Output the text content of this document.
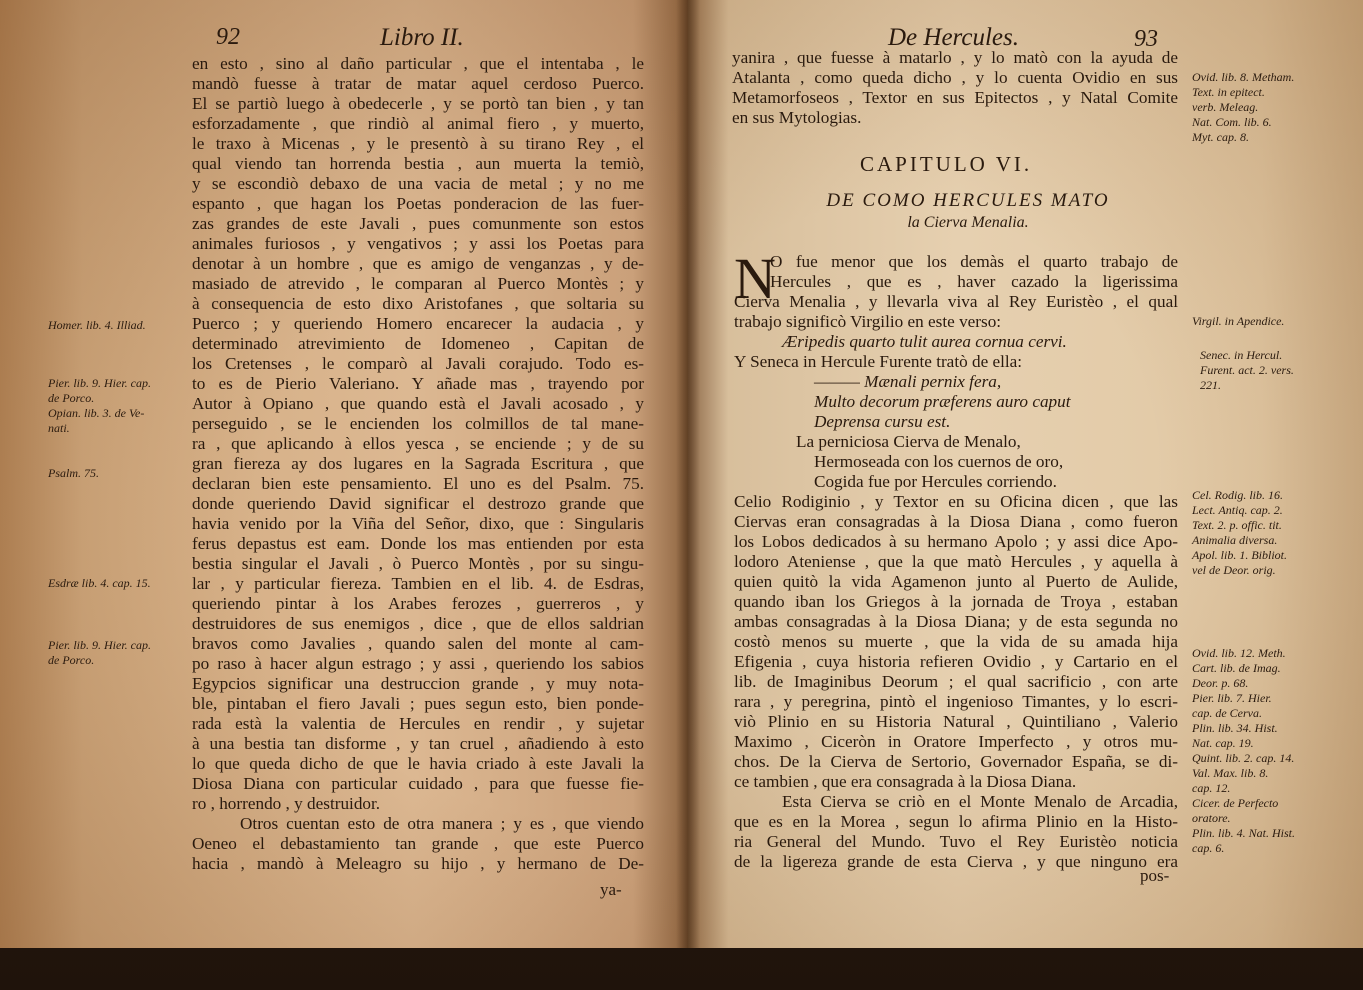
92	Libro II.
en esto , sino al daño particular , que el intentaba , le
mandò fuesse à tratar de matar aquel cerdoso Puerco.
El se partiò luego à obedecerle , y se portò tan bien , y tan
esforzadamente , que rindiò al animal fiero , y muerto,
le traxo à Micenas , y le presentò à su tirano Rey , el
qual viendo tan horrenda bestia , aun muerta la temiò,
y se escondiò debaxo de una vacia de metal ; y no me
espanto , que hagan los Poetas ponderacion de las fuer-
zas grandes de este Javali , pues comunmente son estos
animales furiosos , y vengativos ; y assi los Poetas para
denotar à un hombre , que es amigo de venganzas , y de-
masiado de atrevido , le comparan al Puerco Montès ; y
à consequencia de esto dixo Aristofanes , que soltaria su
Puerco ; y queriendo Homero encarecer la audacia , y
determinado atrevimiento de Idomeneo , Capitan de
los Cretenses , le comparò al Javali corajudo. Todo es-
to es de Pierio Valeriano. Y añade mas , trayendo por
Autor à Opiano , que quando està el Javali acosado , y
perseguido , se le encienden los colmillos de tal mane-
ra , que aplicando à ellos yesca , se enciende ; y de su
gran fiereza ay dos lugares en la Sagrada Escritura , que
declaran bien este pensamiento. El uno es del Psalm. 75.
donde queriendo David significar el destrozo grande que
havia venido por la Viña del Señor, dixo, que : Singularis
ferus depastus est eam. Donde los mas entienden por esta
bestia singular el Javali , ò Puerco Montès , por su singu-
lar , y particular fiereza. Tambien en el lib. 4. de Esdras,
queriendo pintar à los Arabes ferozes , guerreros , y
destruidores de sus enemigos , dice , que de ellos saldrian
bravos como Javalies , quando salen del monte al cam-
po raso à hacer algun estrago ; y assi , queriendo los sabios
Egypcios significar una destruccion grande , y muy nota-
ble, pintaban el fiero Javali ; pues segun esto, bien ponde-
rada està la valentia de Hercules en rendir , y sujetar
à una bestia tan disforme , y tan cruel , añadiendo à esto
lo que queda dicho de que le havia criado à este Javali la
Diosa Diana con particular cuidado , para que fuesse fie-
ro , horrendo , y destruidor.
Otros cuentan esto de otra manera ; y es , que viendo
Oeneo el debastamiento tan grande , que este Puerco
hacia , mandò à Meleagro su hijo , y hermano de De-
Homer. lib. 4. Illiad.
Pier. lib. 9. Hier. cap.
de Porco.
Opian. lib. 3. de Ve-
nati.
Psalm. 75.
Esdræ lib. 4. cap. 15.
Pier. lib. 9. Hier. cap.
de Porco.
ya-
De Hercules.	93
yanira , que fuesse à matarlo , y lo matò con la ayuda de
Atalanta , como queda dicho , y lo cuenta Ovidio en sus
Metamorfoseos , Textor en sus Epitectos , y Natal Comite
en sus Mytologias.
CAPITULO VI.
DE COMO HERCULES MATO
la Cierva Menalia.
N
O fue menor que los demàs el quarto trabajo de
Hercules , que es , haver cazado la ligerissima
Cierva Menalia , y llevarla viva al Rey Euristèo , el qual
trabajo significò Virgilio en este verso:
Æripedis quarto tulit aurea cornua cervi.
Y Seneca in Hercule Furente tratò de ella:
——— Mænali pernix fera,
Multo decorum præferens auro caput
Deprensa cursu est.
La perniciosa Cierva de Menalo,
Hermoseada con los cuernos de oro,
Cogida fue por Hercules corriendo.
Celio Rodiginio , y Textor en su Oficina dicen , que las
Ciervas eran consagradas à la Diosa Diana , como fueron
los Lobos dedicados à su hermano Apolo ; y assi dice Apo-
lodoro Ateniense , que la que matò Hercules , y aquella à
quien quitò la vida Agamenon junto al Puerto de Aulide,
quando iban los Griegos à la jornada de Troya , estaban
ambas consagradas à la Diosa Diana; y de esta segunda no
costò menos su muerte , que la vida de su amada hija
Efigenia , cuya historia refieren Ovidio , y Cartario en el
lib. de Imaginibus Deorum ; el qual sacrificio , con arte
rara , y peregrina, pintò el ingenioso Timantes, y lo escri-
viò Plinio en su Historia Natural , Quintiliano , Valerio
Maximo , Ciceròn in Oratore Imperfecto , y otros mu-
chos. De la Cierva de Sertorio, Governador España, se di-
ce tambien , que era consagrada à la Diosa Diana.
Esta Cierva se criò en el Monte Menalo de Arcadia,
que es en la Morea , segun lo afirma Plinio en la Histo-
ria General del Mundo. Tuvo el Rey Euristèo noticia
de la ligereza grande de esta Cierva , y que ninguno era
pos-
Ovid. lib. 8. Metham.
Text. in epitect.
verb. Meleag.
Nat. Com. lib. 6.
Myt. cap. 8.
Virgil. in Apendice.
Senec. in Hercul.
Furent. act. 2. vers.
221.
Cel. Rodig. lib. 16.
Lect. Antiq. cap. 2.
Text. 2. p. offic. tit.
Animalia diversa.
Apol. lib. 1. Bibliot.
vel de Deor. orig.
Ovid. lib. 12. Meth.
Cart. lib. de Imag.
Deor. p. 68.
Pier. lib. 7. Hier.
cap. de Cerva.
Plin. lib. 34. Hist.
Nat. cap. 19.
Quint. lib. 2. cap. 14.
Val. Max. lib. 8.
cap. 12.
Cicer. de Perfecto
oratore.
Plin. lib. 4. Nat. Hist.
cap. 6.
